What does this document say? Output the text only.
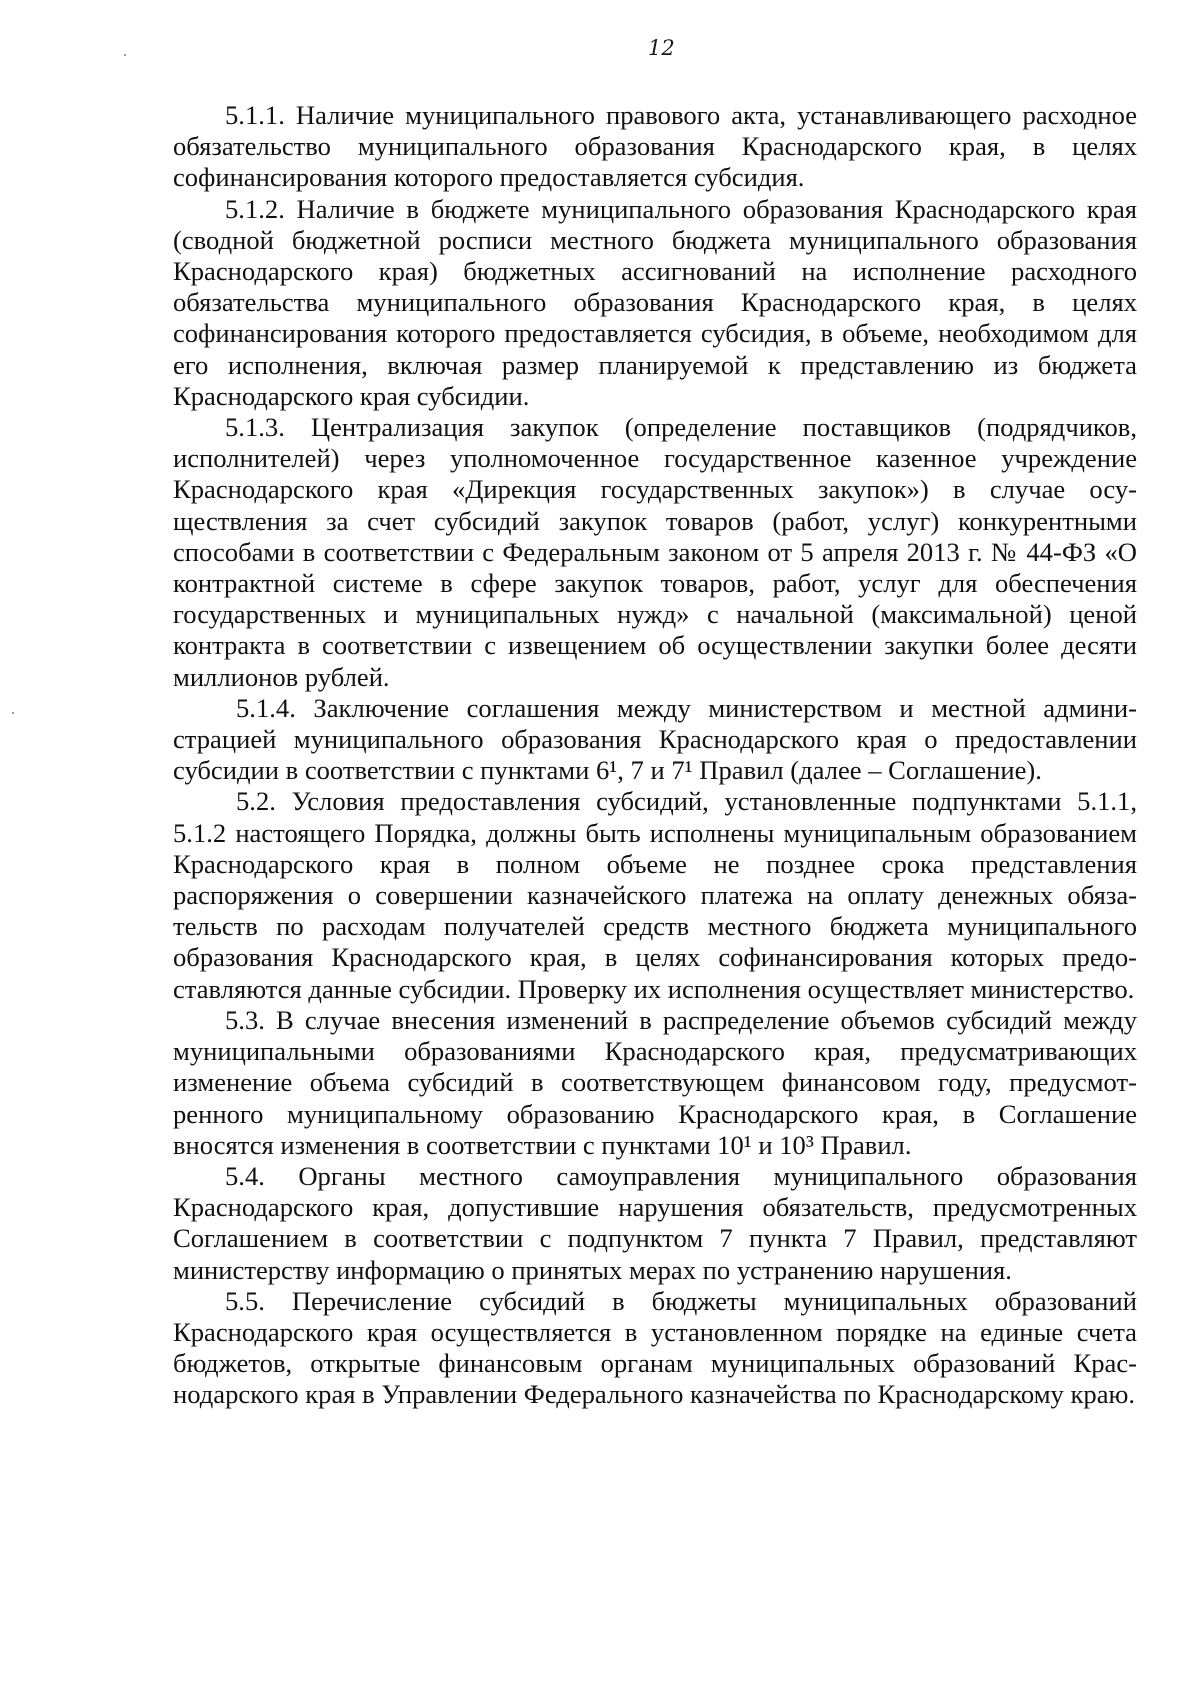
12

5.1.1. Наличие муниципального правового акта, устанавливающего расходное обязательство муниципального образования Краснодарского края, в целях софинансирования которого предоставляется субсидия.

5.1.2. Наличие в бюджете муниципального образования Краснодарского края (сводной бюджетной росписи местного бюджета муниципального образования Краснодарского края) бюджетных ассигнований на исполнение расходного обязательства муниципального образования Краснодарского края, в целях софинансирования которого предоставляется субсидия, в объеме, необходимом для его исполнения, включая размер планируемой к представлению из бюджета Краснодарского края субсидии.

5.1.3. Централизация закупок (определение поставщиков (подрядчиков, исполнителей) через уполномоченное государственное казенное учреждение Краснодарского края «Дирекция государственных закупок») в случае осуществления за счет субсидий закупок товаров (работ, услуг) конкурентными способами в соответствии с Федеральным законом от 5 апреля 2013 г. № 44-ФЗ «О контрактной системе в сфере закупок товаров, работ, услуг для обеспечения государственных и муниципальных нужд» с начальной (максимальной) ценой контракта в соответствии с извещением об осуществлении закупки более десяти миллионов рублей.

5.1.4. Заключение соглашения между министерством и местной администрацией муниципального образования Краснодарского края о предоставлении субсидии в соответствии с пунктами 6¹, 7 и 7¹ Правил (далее – Соглашение).

5.2. Условия предоставления субсидий, установленные подпунктами 5.1.1, 5.1.2 настоящего Порядка, должны быть исполнены муниципальным образованием Краснодарского края в полном объеме не позднее срока представления распоряжения о совершении казначейского платежа на оплату денежных обязательств по расходам получателей средств местного бюджета муниципального образования Краснодарского края, в целях софинансирования которых предоставляются данные субсидии. Проверку их исполнения осуществляет министерство.

5.3. В случае внесения изменений в распределение объемов субсидий между муниципальными образованиями Краснодарского края, предусматривающих изменение объема субсидий в соответствующем финансовом году, предусмотренного муниципальному образованию Краснодарского края, в Соглашение вносятся изменения в соответствии с пунктами 10¹ и 10³ Правил.

5.4. Органы местного самоуправления муниципального образования Краснодарского края, допустившие нарушения обязательств, предусмотренных Соглашением в соответствии с подпунктом 7 пункта 7 Правил, представляют министерству информацию о принятых мерах по устранению нарушения.

5.5. Перечисление субсидий в бюджеты муниципальных образований Краснодарского края осуществляется в установленном порядке на единые счета бюджетов, открытые финансовым органам муниципальных образований Краснодарского края в Управлении Федерального казначейства по Краснодарскому краю.
